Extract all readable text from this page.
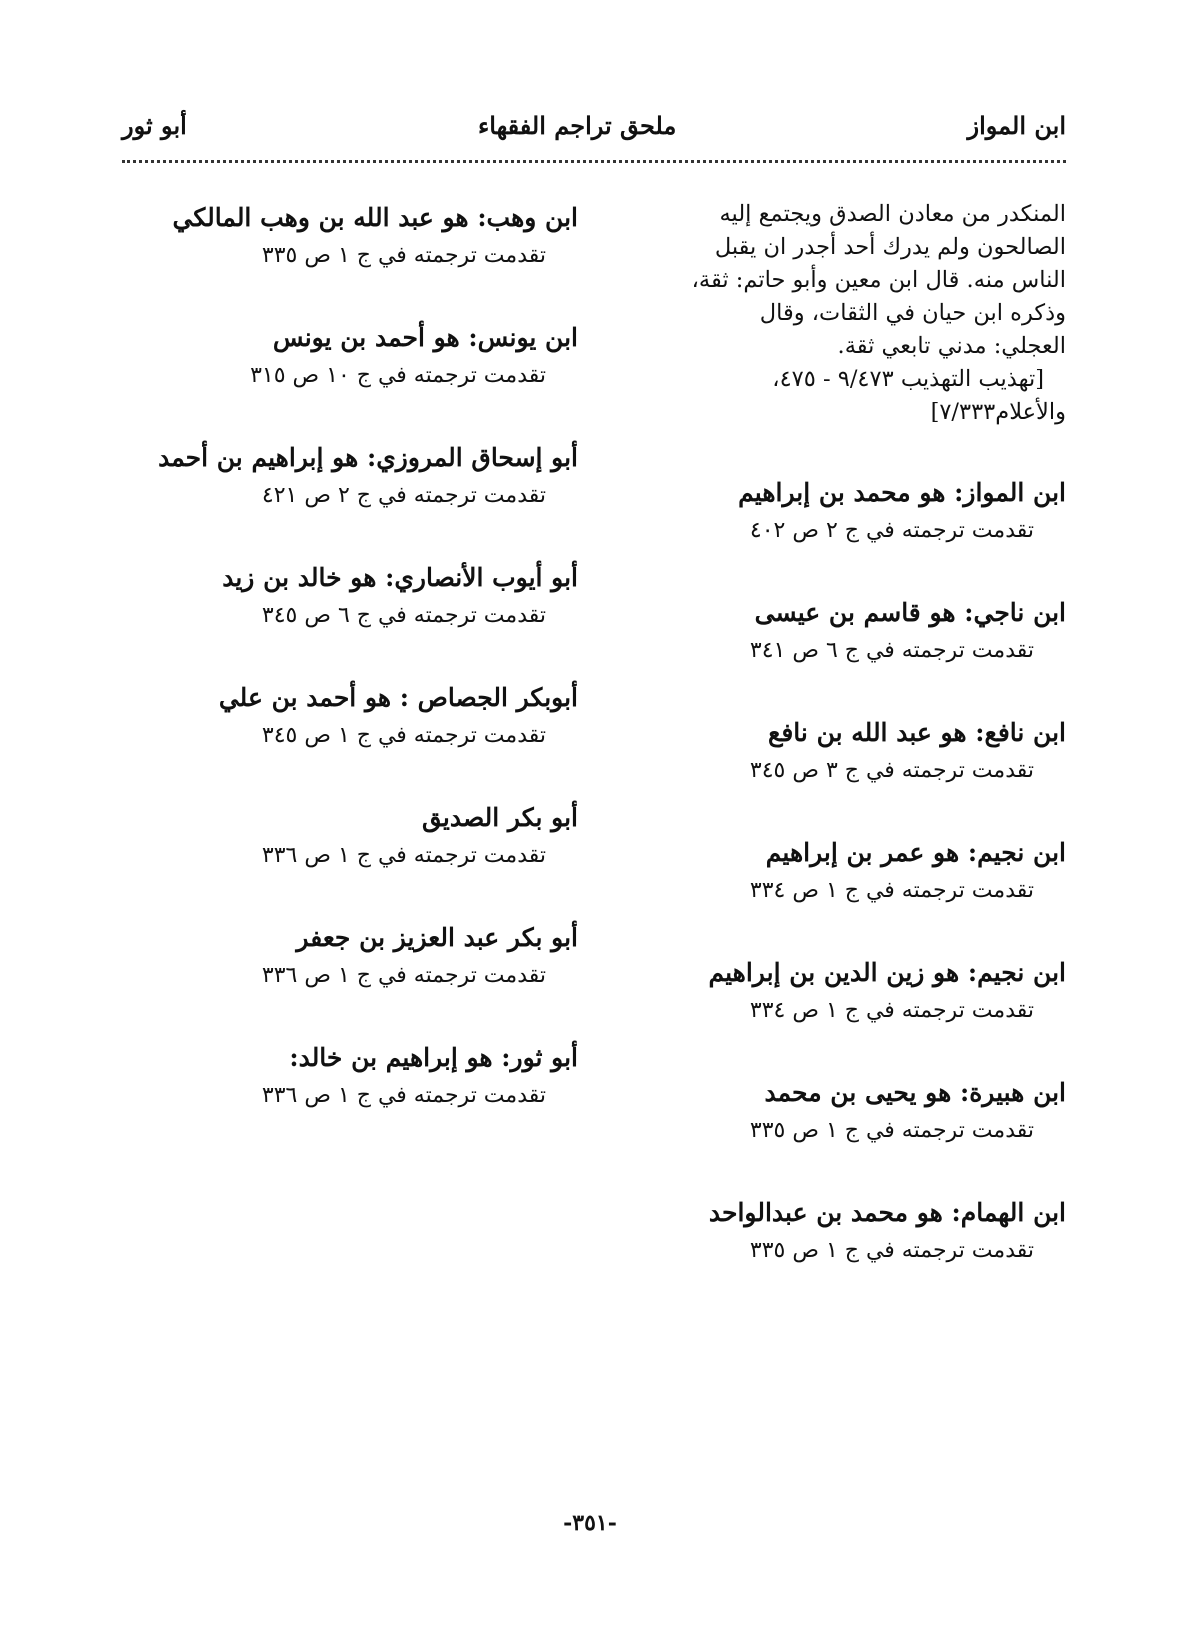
ابن المواز
ملحق تراجم الفقهاء
أبو ثور
المنكدر من معادن الصدق ويجتمع إليه
الصالحون ولم يدرك أحد أجدر ان يقبل
الناس منه. قال ابن معين وأبو حاتم: ثقة،
وذكره ابن حيان في الثقات، وقال
العجلي: مدني تابعي ثقة.
[تهذيب التهذيب ٩/٤٧٣ - ٤٧٥،
والأعلام٧/٣٣٣]
ابن المواز: هو محمد بن إبراهيم
تقدمت ترجمته في ج ٢ ص ٤٠٢
ابن ناجي: هو قاسم بن عيسى
تقدمت ترجمته في ج ٦ ص ٣٤١
ابن نافع: هو عبد الله بن نافع
تقدمت ترجمته في ج ٣ ص ٣٤٥
ابن نجيم: هو عمر بن إبراهيم
تقدمت ترجمته في ج ١ ص ٣٣٤
ابن نجيم: هو زين الدين بن إبراهيم
تقدمت ترجمته في ج ١ ص ٣٣٤
ابن هبيرة: هو يحيى بن محمد
تقدمت ترجمته في ج ١ ص ٣٣٥
ابن الهمام: هو محمد بن عبدالواحد
تقدمت ترجمته في ج ١ ص ٣٣٥
ابن وهب: هو عبد الله بن وهب المالكي
تقدمت ترجمته في ج ١ ص ٣٣٥
ابن يونس: هو أحمد بن يونس
تقدمت ترجمته في ج ١٠ ص ٣١٥
أبو إسحاق المروزي: هو إبراهيم بن أحمد
تقدمت ترجمته في ج ٢ ص ٤٢١
أبو أيوب الأنصاري: هو خالد بن زيد
تقدمت ترجمته في ج ٦ ص ٣٤٥
أبوبكر الجصاص : هو أحمد بن علي
تقدمت ترجمته في ج ١ ص ٣٤٥
أبو بكر الصديق
تقدمت ترجمته في ج ١ ص ٣٣٦
أبو بكر عبد العزيز بن جعفر
تقدمت ترجمته في ج ١ ص ٣٣٦
أبو ثور: هو إبراهيم بن خالد:
تقدمت ترجمته في ج ١ ص ٣٣٦
-٣٥١-
